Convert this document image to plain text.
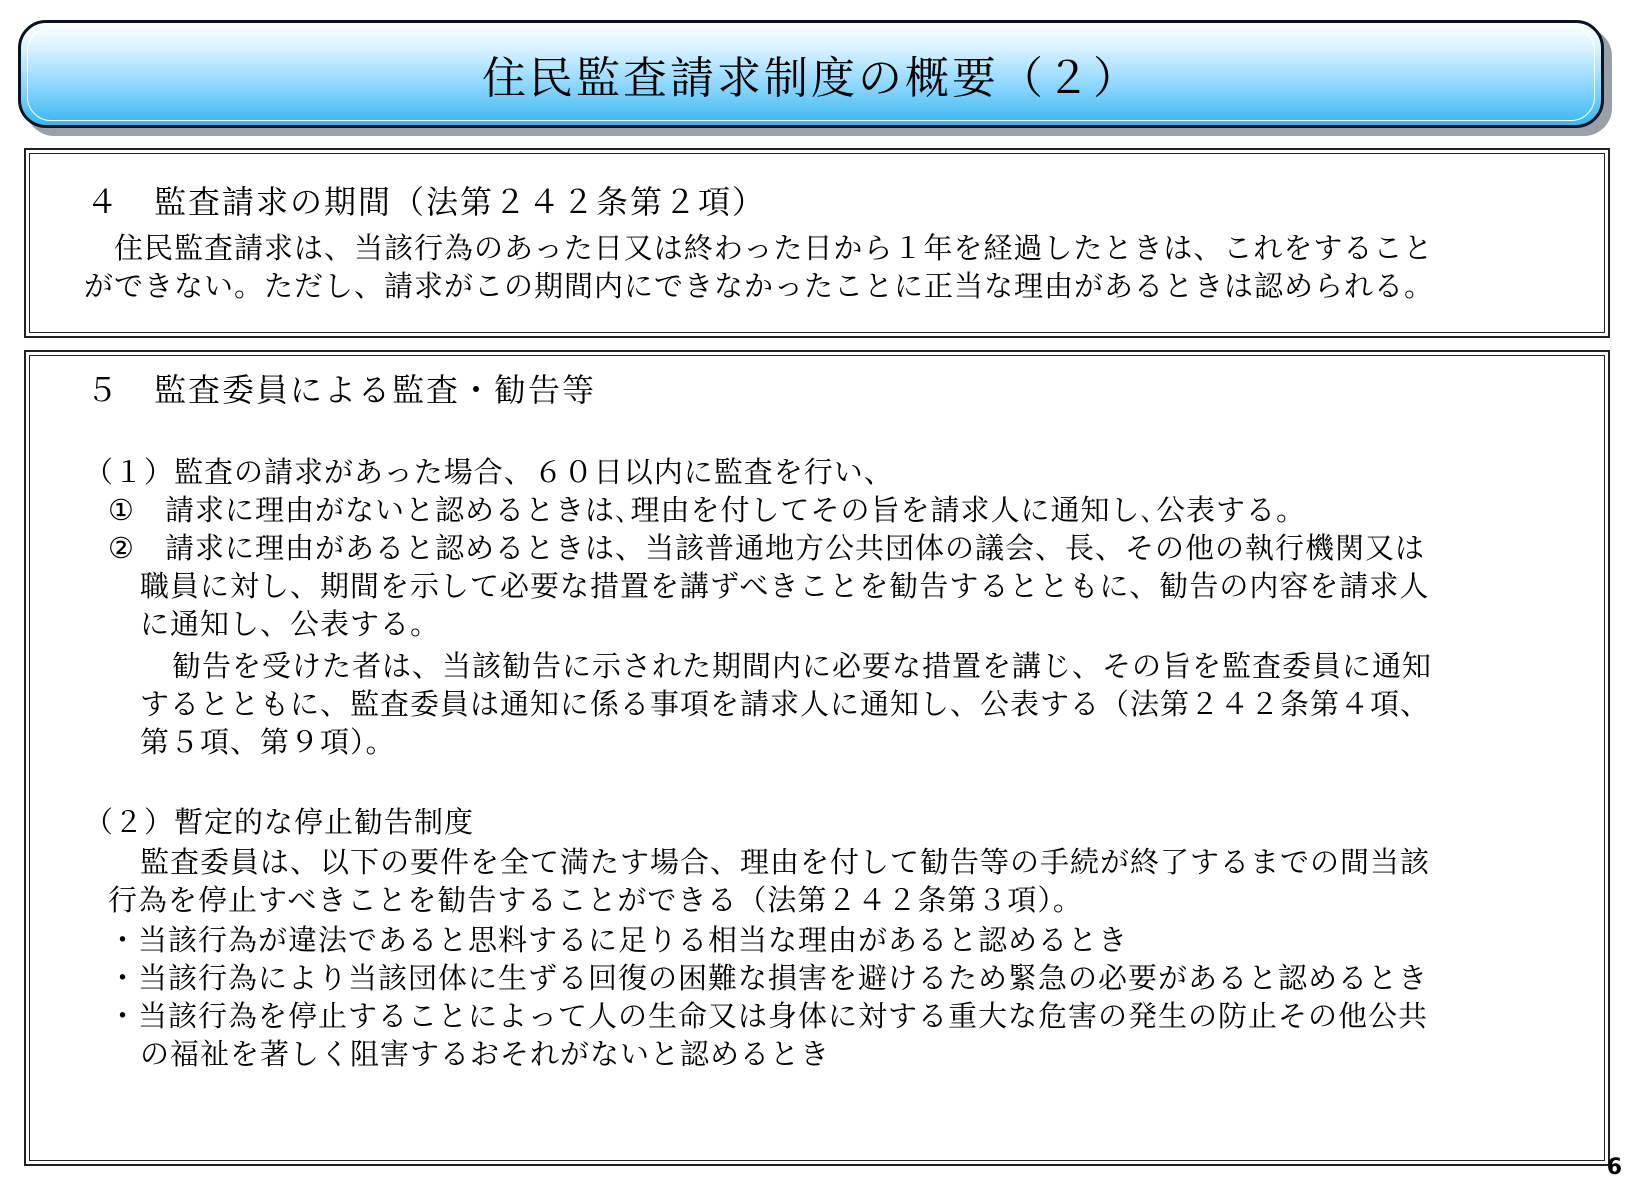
住民監査請求制度の概要（２）
４　監査請求の期間（法第２４２条第２項）
住民監査請求は、当該行為のあった日又は終わった日から１年を経過したときは、これをすること
ができない。ただし、請求がこの期間内にできなかったことに正当な理由があるときは認められる。
５　監査委員による監査・勧告等
（１）監査の請求があった場合、６０日以内に監査を行い、
①　請求に理由がないと認めるときは､理由を付してその旨を請求人に通知し､公表する。
②　請求に理由があると認めるときは、当該普通地方公共団体の議会、長、その他の執行機関又は
職員に対し、期間を示して必要な措置を講ずべきことを勧告するとともに、勧告の内容を請求人
に通知し、公表する。
勧告を受けた者は、当該勧告に示された期間内に必要な措置を講じ、その旨を監査委員に通知
するとともに、監査委員は通知に係る事項を請求人に通知し、公表する（法第２４２条第４項、
第５項、第９項）。
（２）暫定的な停止勧告制度
監査委員は、以下の要件を全て満たす場合、理由を付して勧告等の手続が終了するまでの間当該
行為を停止すべきことを勧告することができる（法第２４２条第３項）。
・当該行為が違法であると思料するに足りる相当な理由があると認めるとき
・当該行為により当該団体に生ずる回復の困難な損害を避けるため緊急の必要があると認めるとき
・当該行為を停止することによって人の生命又は身体に対する重大な危害の発生の防止その他公共
の福祉を著しく阻害するおそれがないと認めるとき
6
